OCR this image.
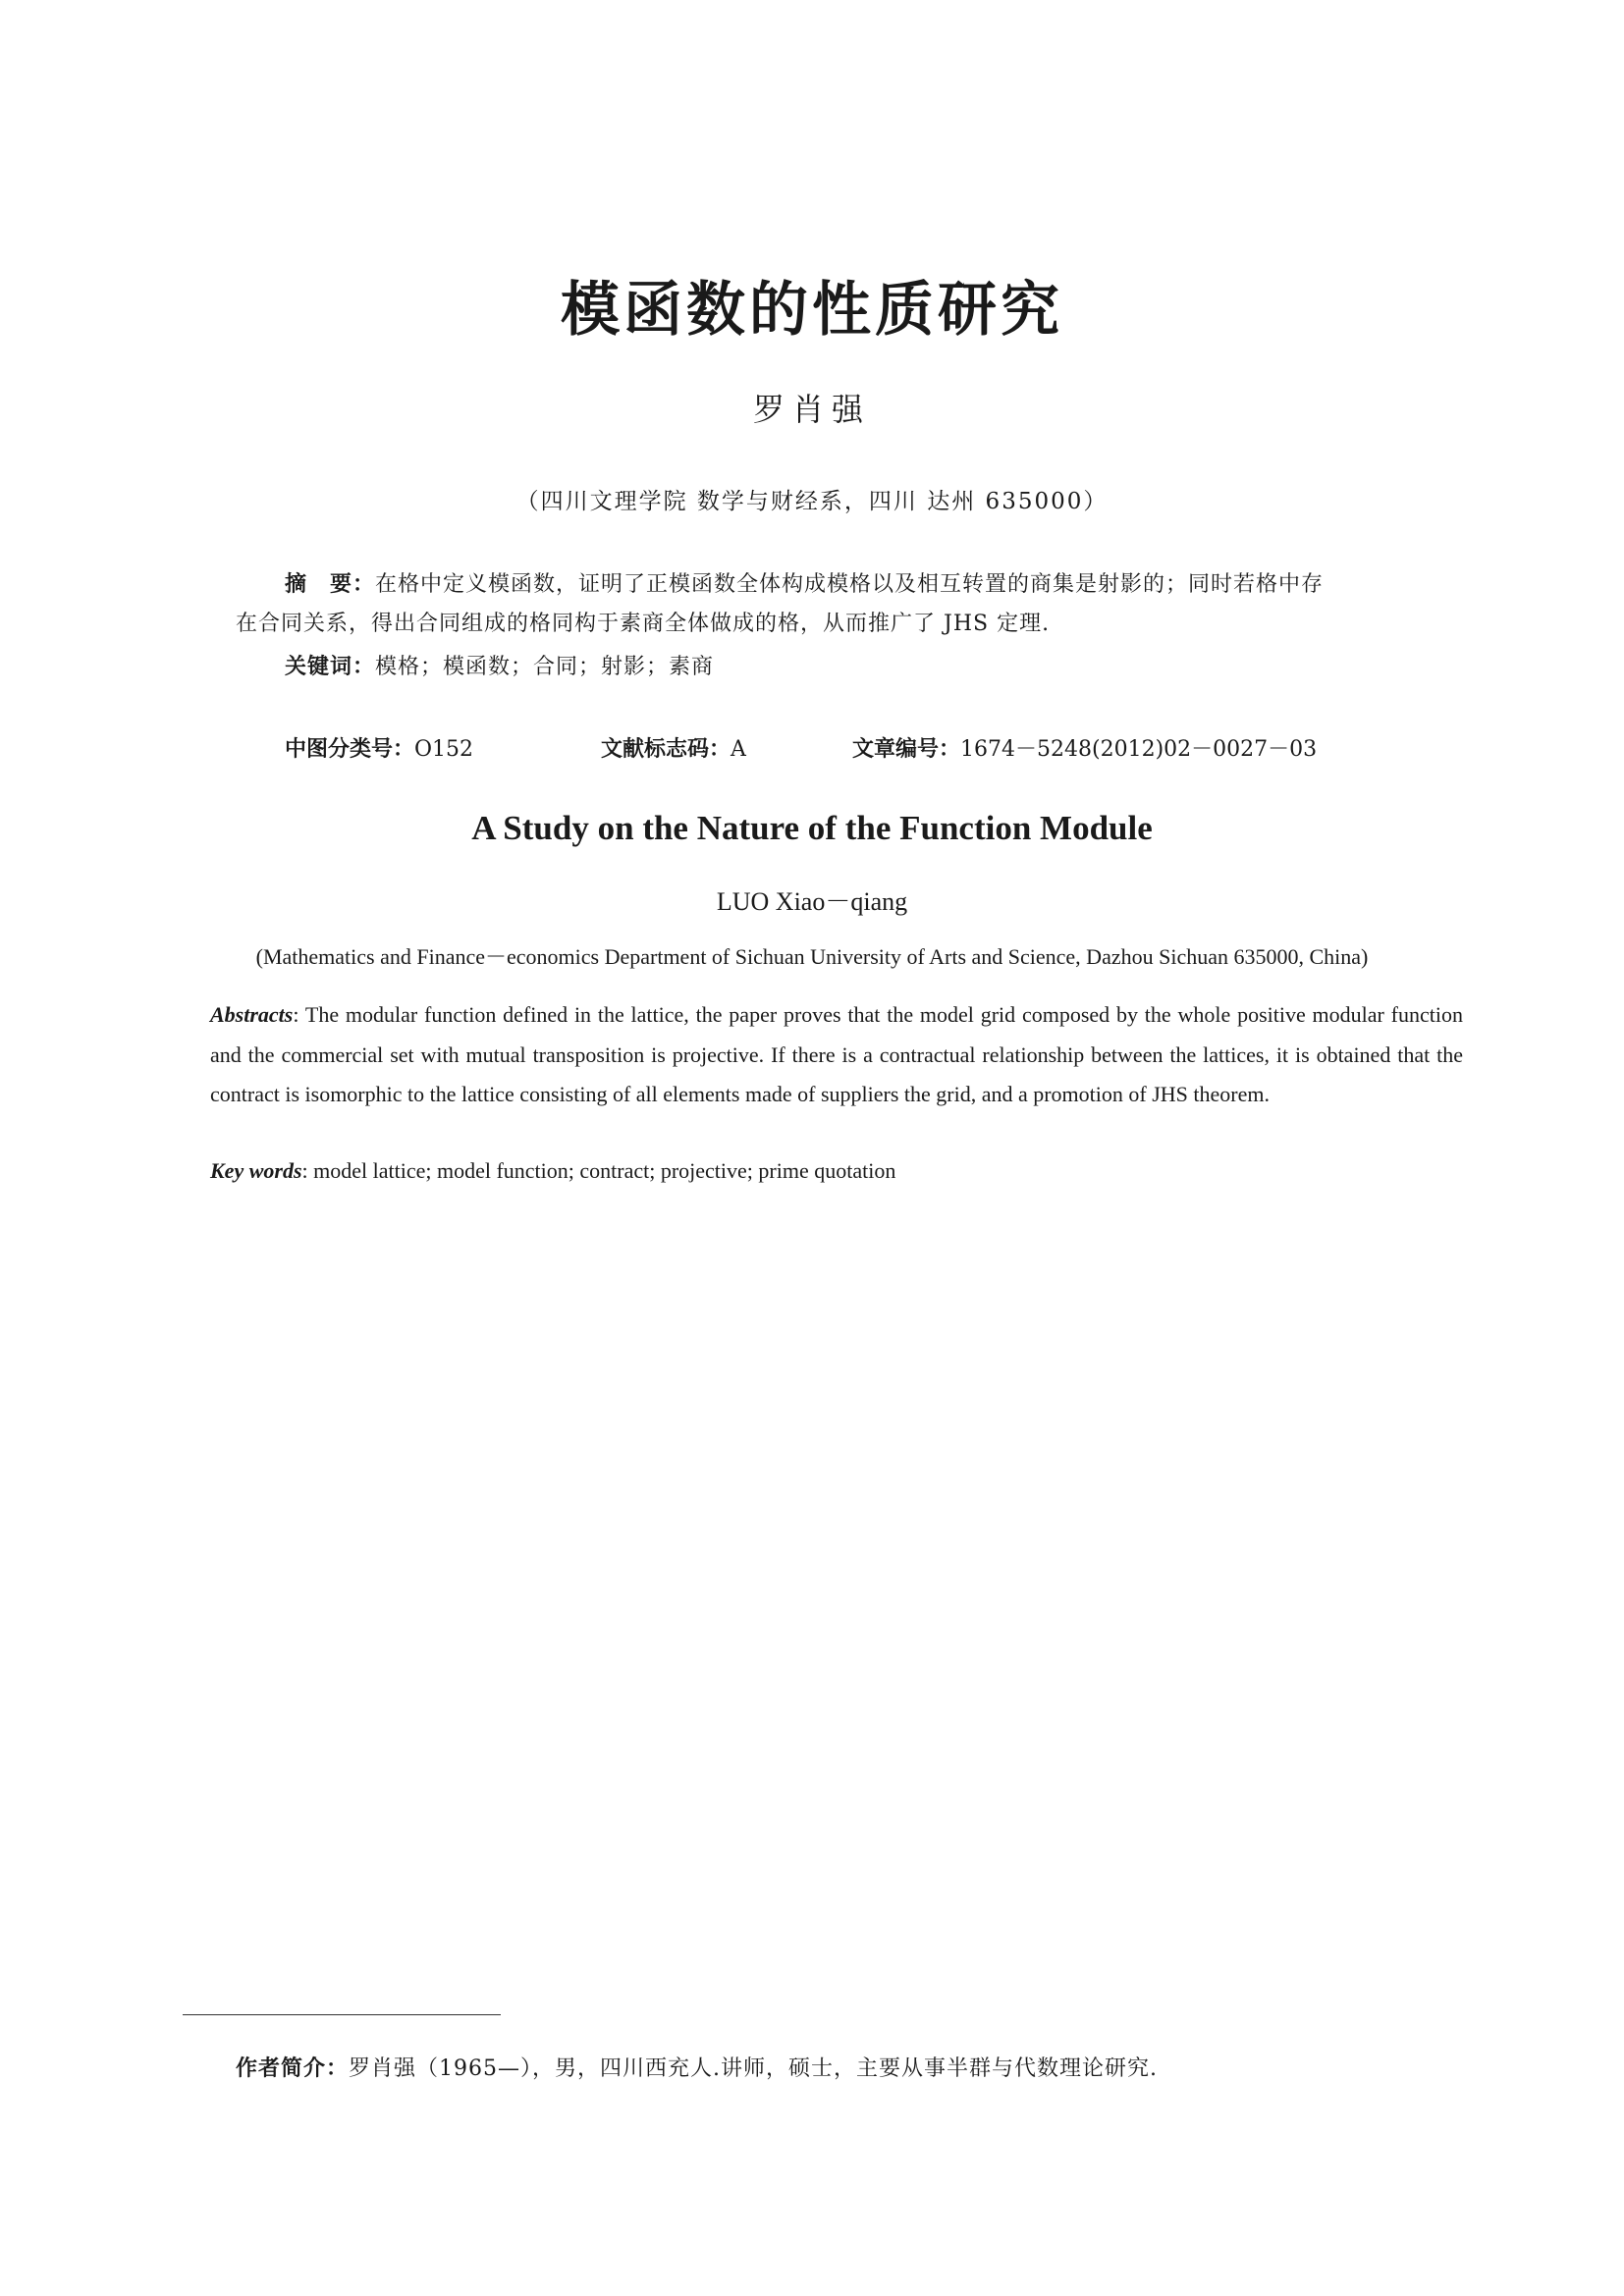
模函数的性质研究
罗肖强
（四川文理学院 数学与财经系，四川 达州 635000）
摘　要：在格中定义模函数，证明了正模函数全体构成模格以及相互转置的商集是射影的；同时若格中存
在合同关系，得出合同组成的格同构于素商全体做成的格，从而推广了 JHS 定理.
关键词：模格；模函数；合同；射影；素商
中图分类号：O152	文献标志码：A	文章编号：1674－5248(2012)02－0027－03
A Study on the Nature of the Function Module
LUO Xiao－qiang
(Mathematics and Finance－economics Department of Sichuan University of Arts and Science, Dazhou Sichuan 635000, China)
Abstracts: The modular function defined in the lattice, the paper proves that the model grid composed by the whole positive modular function and the commercial set with mutual transposition is projective. If there is a contractual relationship between the lattices, it is obtained that the contract is isomorphic to the lattice consisting of all elements made of suppliers the grid, and a promotion of JHS theorem.
Key words: model lattice; model function; contract; projective; prime quotation
作者简介：罗肖强（1965—），男，四川西充人.讲师，硕士，主要从事半群与代数理论研究.
